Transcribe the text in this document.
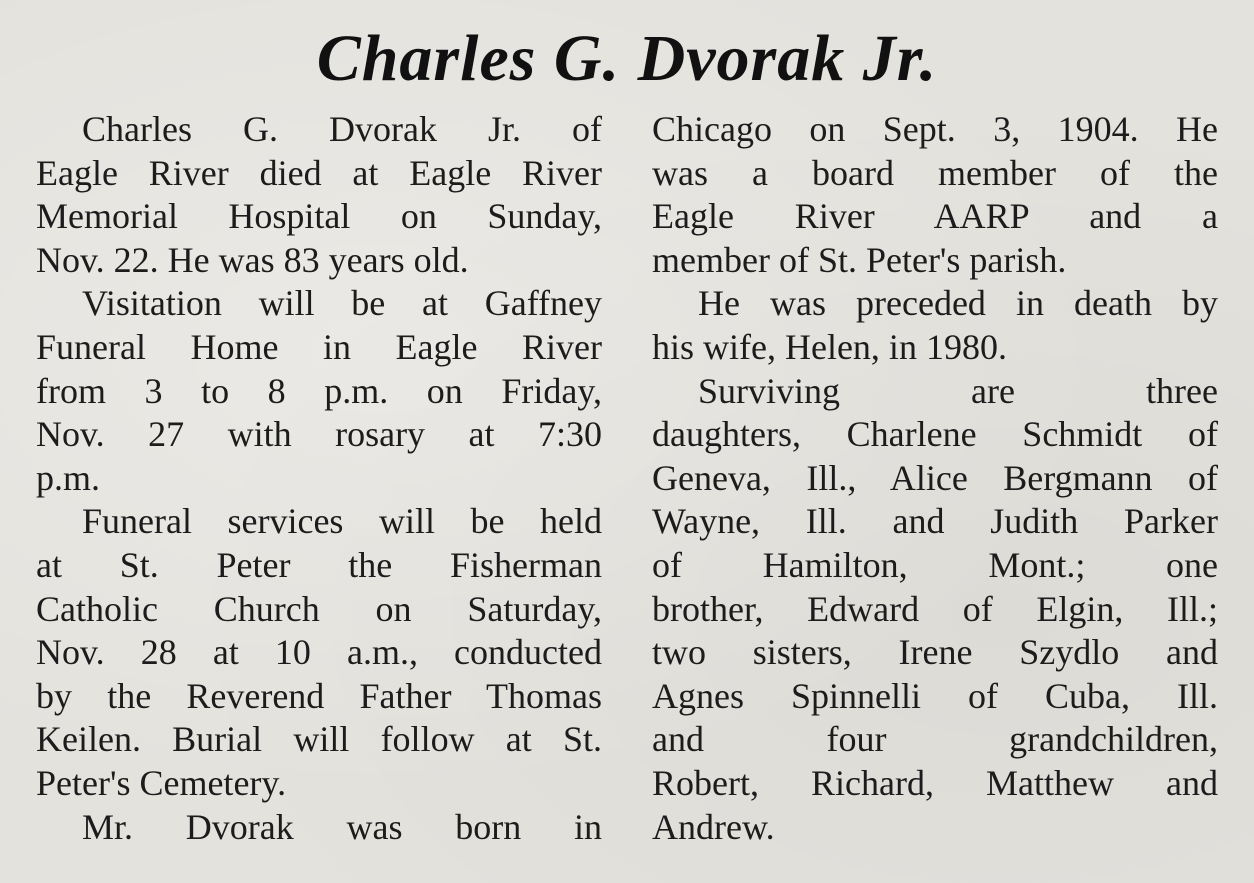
Charles G. Dvorak Jr.
Charles G. Dvorak Jr. of
Eagle River died at Eagle River
Memorial Hospital on Sunday,
Nov. 22. He was 83 years old.
Visitation will be at Gaffney
Funeral Home in Eagle River
from 3 to 8 p.m. on Friday,
Nov. 27 with rosary at 7:30
p.m.
Funeral services will be held
at St. Peter the Fisherman
Catholic Church on Saturday,
Nov. 28 at 10 a.m., conducted
by the Reverend Father Thomas
Keilen. Burial will follow at St.
Peter's Cemetery.
Mr. Dvorak was born in
Chicago on Sept. 3, 1904. He
was a board member of the
Eagle River AARP and a
member of St. Peter's parish.
He was preceded in death by
his wife, Helen, in 1980.
Surviving are three
daughters, Charlene Schmidt of
Geneva, Ill., Alice Bergmann of
Wayne, Ill. and Judith Parker
of Hamilton, Mont.; one
brother, Edward of Elgin, Ill.;
two sisters, Irene Szydlo and
Agnes Spinnelli of Cuba, Ill.
and four grandchildren,
Robert, Richard, Matthew and
Andrew.
